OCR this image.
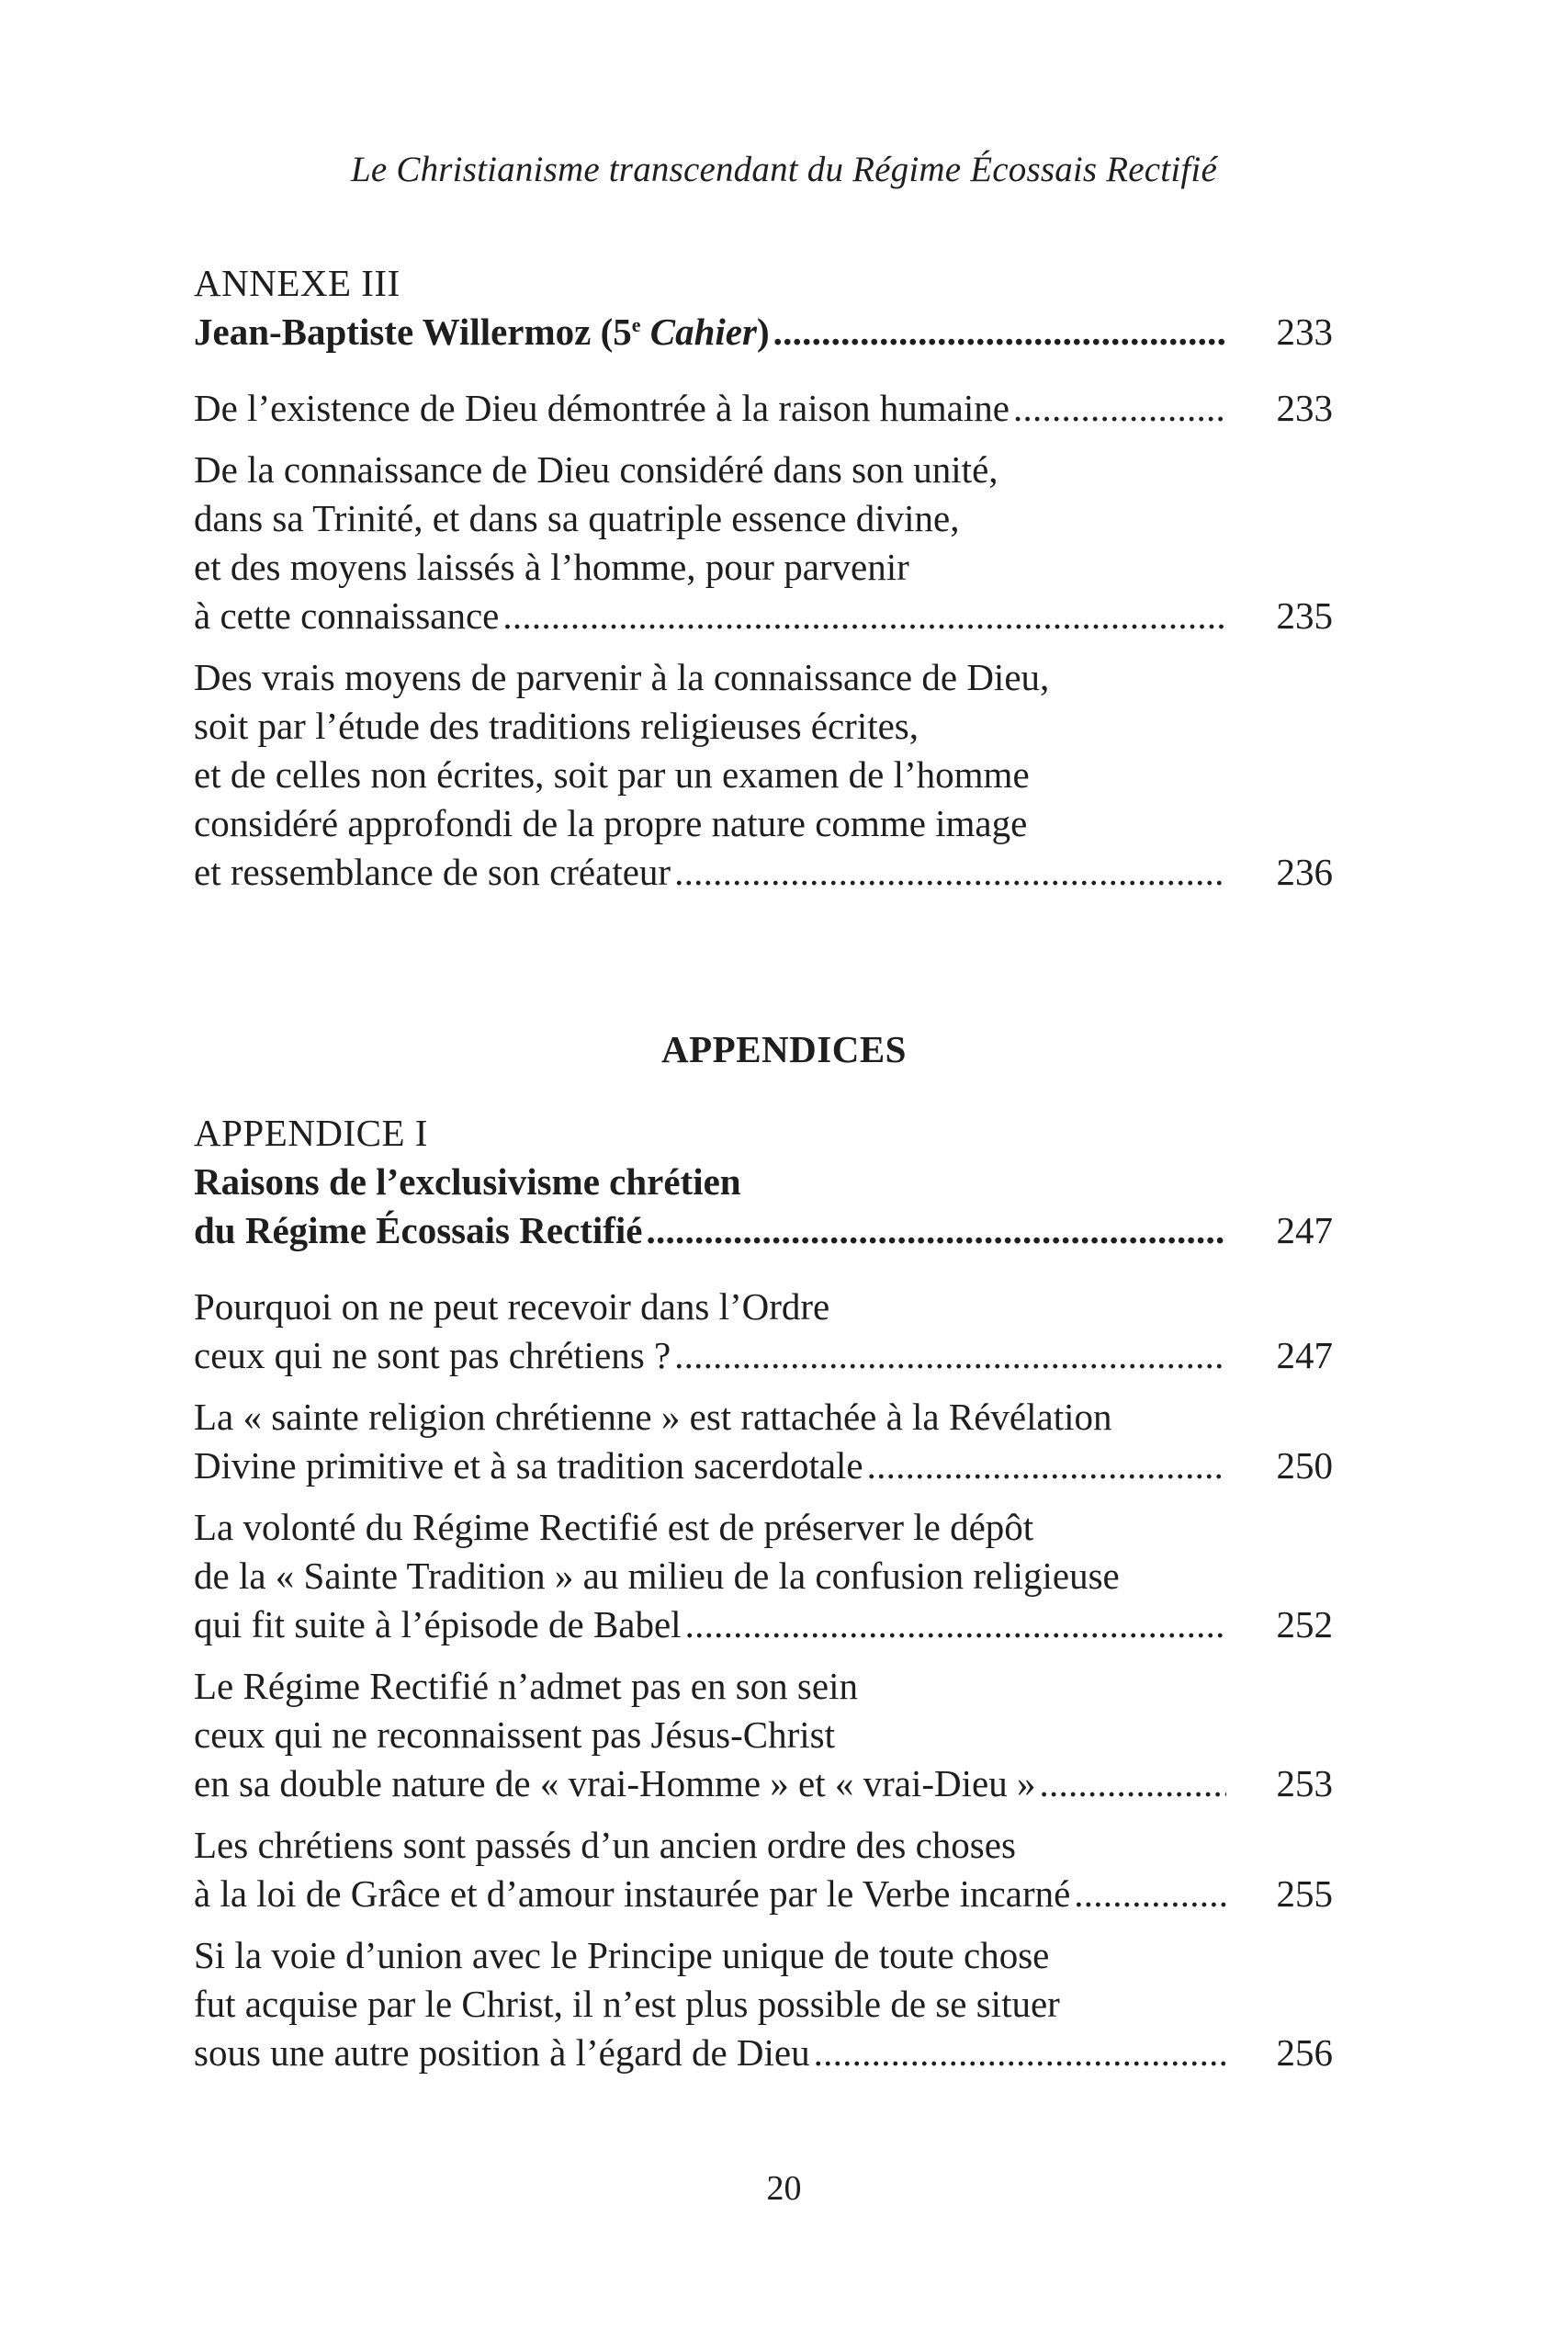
Le Christianisme transcendant du Régime Écossais Rectifié
ANNEXE III
Jean-Baptiste Willermoz (5e Cahier) . . .	233
De l’existence de Dieu démontrée à la raison humaine . . .	233
De la connaissance de Dieu considéré dans son unité,
dans sa Trinité, et dans sa quatriple essence divine,
et des moyens laissés à l’homme, pour parvenir
à cette connaissance . . .	235
Des vrais moyens de parvenir à la connaissance de Dieu,
soit par l’étude des traditions religieuses écrites,
et de celles non écrites, soit par un examen de l’homme
considéré approfondi de la propre nature comme image
et ressemblance de son créateur . . .	236
APPENDICES
APPENDICE I
Raisons de l’exclusivisme chrétien
du Régime Écossais Rectifié . . .	247
Pourquoi on ne peut recevoir dans l’Ordre
ceux qui ne sont pas chrétiens ? . . .	247
La « sainte religion chrétienne » est rattachée à la Révélation
Divine primitive et à sa tradition sacerdotale . . .	250
La volonté du Régime Rectifié est de préserver le dépôt
de la « Sainte Tradition » au milieu de la confusion religieuse
qui fit suite à l’épisode de Babel . . .	252
Le Régime Rectifié n’admet pas en son sein
ceux qui ne reconnaissent pas Jésus-Christ
en sa double nature de « vrai-Homme » et « vrai-Dieu » . . .	253
Les chrétiens sont passés d’un ancien ordre des choses
à la loi de Grâce et d’amour instaurée par le Verbe incarné . . .	255
Si la voie d’union avec le Principe unique de toute chose
fut acquise par le Christ, il n’est plus possible de se situer
sous une autre position à l’égard de Dieu . . .	256
20
